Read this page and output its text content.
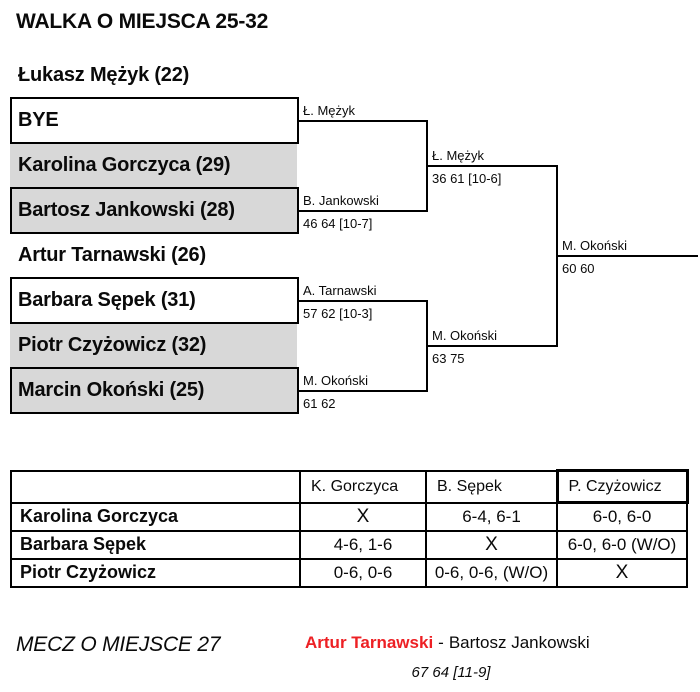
WALKA O MIEJSCA 25-32
Łukasz Mężyk (22)
BYE
Karolina Gorczyca (29)
Bartosz Jankowski (28)
Artur Tarnawski (26)
Barbara Sępek (31)
Piotr Czyżowicz (32)
Marcin Okoński (25)
Ł. Mężyk
B. Jankowski
46 64 [10-7]
A. Tarnawski
57 62 [10-3]
M. Okoński
61 62
Ł. Mężyk
36 61 [10-6]
M. Okoński
63 75
M. Okoński
60 60
	K. Gorczyca	B. Sępek	P. Czyżowicz
Karolina Gorczyca	X	6-4, 6-1	6-0, 6-0
Barbara Sępek	4-6, 1-6	X	6-0, 6-0 (W/O)
Piotr Czyżowicz	0-6, 0-6	0-6, 0-6, (W/O)	X
MECZ O MIEJSCE 27	Artur Tarnawski - Bartosz Jankowski
67 64 [11-9]
